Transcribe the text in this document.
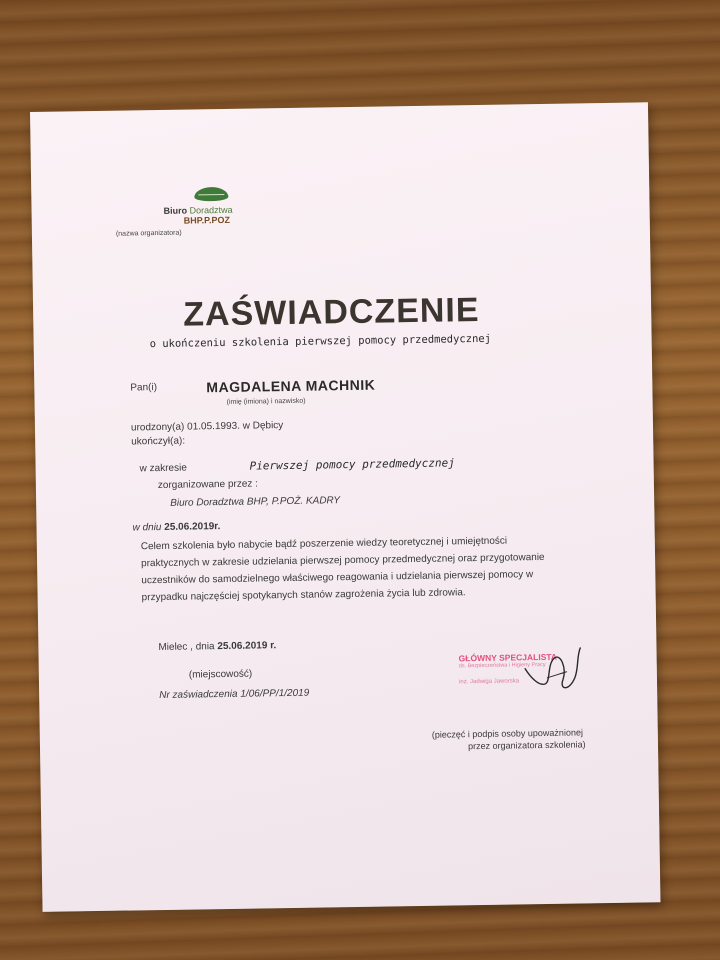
Biuro Doradztwa
BHP.P.POZ
(nazwa organizatora)
ZAŚWIADCZENIE
o ukończeniu szkolenia pierwszej pomocy przedmedycznej
Pan(i)	MAGDALENA MACHNIK
(imię (imiona) i nazwisko)
urodzony(a) 01.05.1993. w Dębicy
ukończył(a):
w zakresie	Pierwszej pomocy przedmedycznej
zorganizowane przez :
Biuro Doradztwa BHP, P.POŻ. KADRY
w dniu 25.06.2019r.
Celem szkolenia było nabycie bądź poszerzenie wiedzy teoretycznej i umiejętności
praktycznych w zakresie udzielania pierwszej pomocy przedmedycznej oraz przygotowanie
uczestników do samodzielnego właściwego reagowania i udzielania pierwszej pomocy w
przypadku najczęściej spotykanych stanów zagrożenia życia lub zdrowia.
Mielec , dnia 25.06.2019 r.
(miejscowość)
Nr zaświadczenia 1/06/PP/1/2019
GŁÓWNY SPECJALISTA
ds. Bezpieczeństwa i Higieny Pracy
inż. Jadwiga Jaworska
(pieczęć i podpis osoby upoważnionej
przez organizatora szkolenia)
